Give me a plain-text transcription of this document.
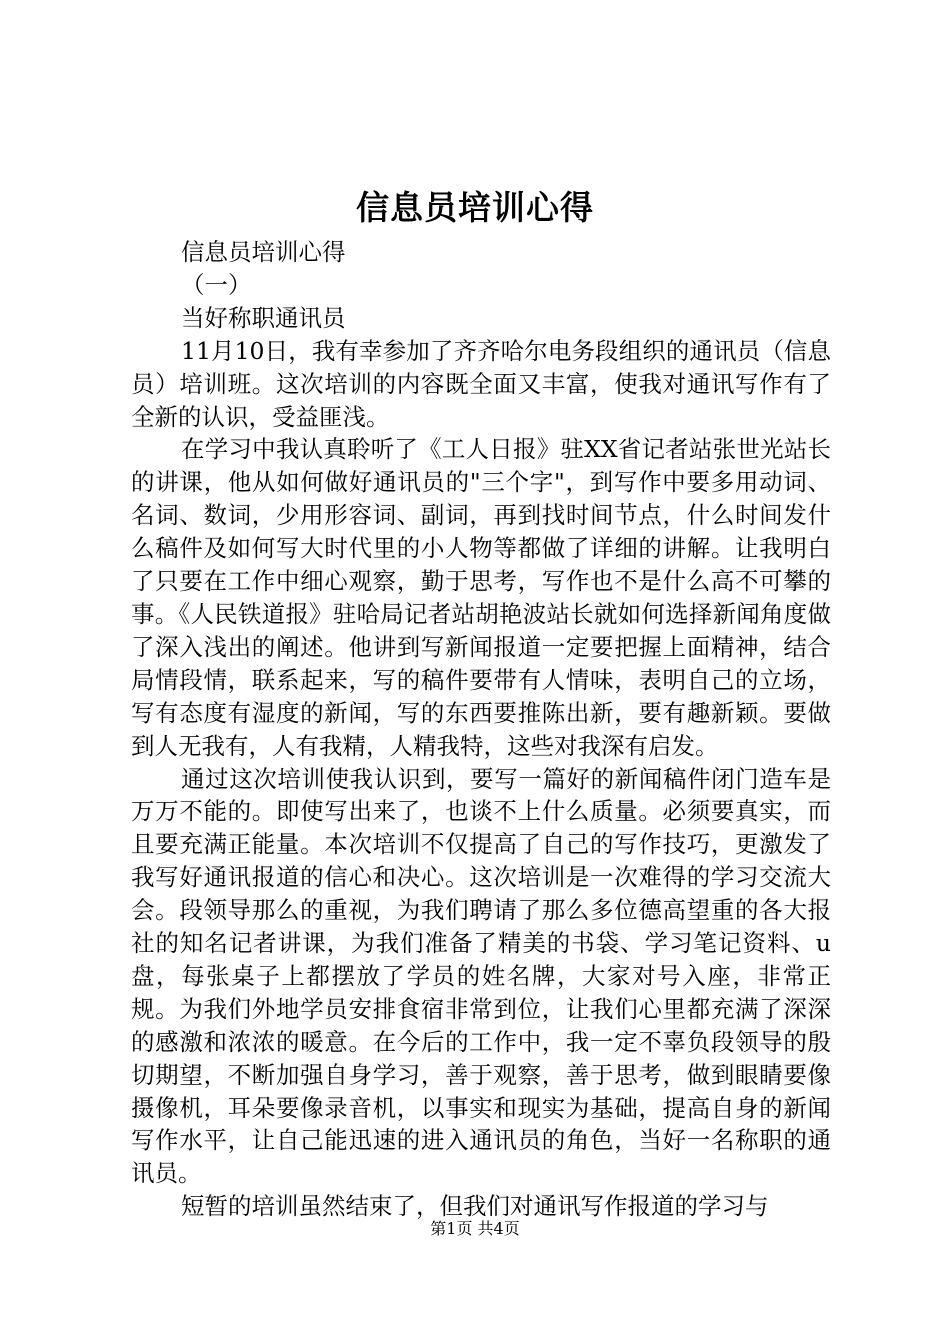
信息员培训心得

信息员培训心得

（一）

当好称职通讯员

11月10日，我有幸参加了齐齐哈尔电务段组织的通讯员（信息员）培训班。这次培训的内容既全面又丰富，使我对通讯写作有了全新的认识，受益匪浅。

在学习中我认真聆听了《工人日报》驻XX省记者站张世光站长的讲课，他从如何做好通讯员的"三个字"，到写作中要多用动词、名词、数词，少用形容词、副词，再到找时间节点，什么时间发什么稿件及如何写大时代里的小人物等都做了详细的讲解。让我明白了只要在工作中细心观察，勤于思考，写作也不是什么高不可攀的事。《人民铁道报》驻哈局记者站胡艳波站长就如何选择新闻角度做了深入浅出的阐述。他讲到写新闻报道一定要把握上面精神，结合局情段情，联系起来，写的稿件要带有人情味，表明自己的立场，写有态度有湿度的新闻，写的东西要推陈出新，要有趣新颖。要做到人无我有，人有我精，人精我特，这些对我深有启发。

通过这次培训使我认识到，要写一篇好的新闻稿件闭门造车是万万不能的。即使写出来了，也谈不上什么质量。必须要真实，而且要充满正能量。本次培训不仅提高了自己的写作技巧，更激发了我写好通讯报道的信心和决心。这次培训是一次难得的学习交流大会。段领导那么的重视，为我们聘请了那么多位德高望重的各大报社的知名记者讲课，为我们准备了精美的书袋、学习笔记资料、u盘，每张桌子上都摆放了学员的姓名牌，大家对号入座，非常正规。为我们外地学员安排食宿非常到位，让我们心里都充满了深深的感激和浓浓的暖意。在今后的工作中，我一定不辜负段领导的殷切期望，不断加强自身学习，善于观察，善于思考，做到眼睛要像摄像机，耳朵要像录音机，以事实和现实为基础，提高自身的新闻写作水平，让自己能迅速的进入通讯员的角色，当好一名称职的通讯员。

短暂的培训虽然结束了，但我们对通讯写作报道的学习与

第1页 共4页
